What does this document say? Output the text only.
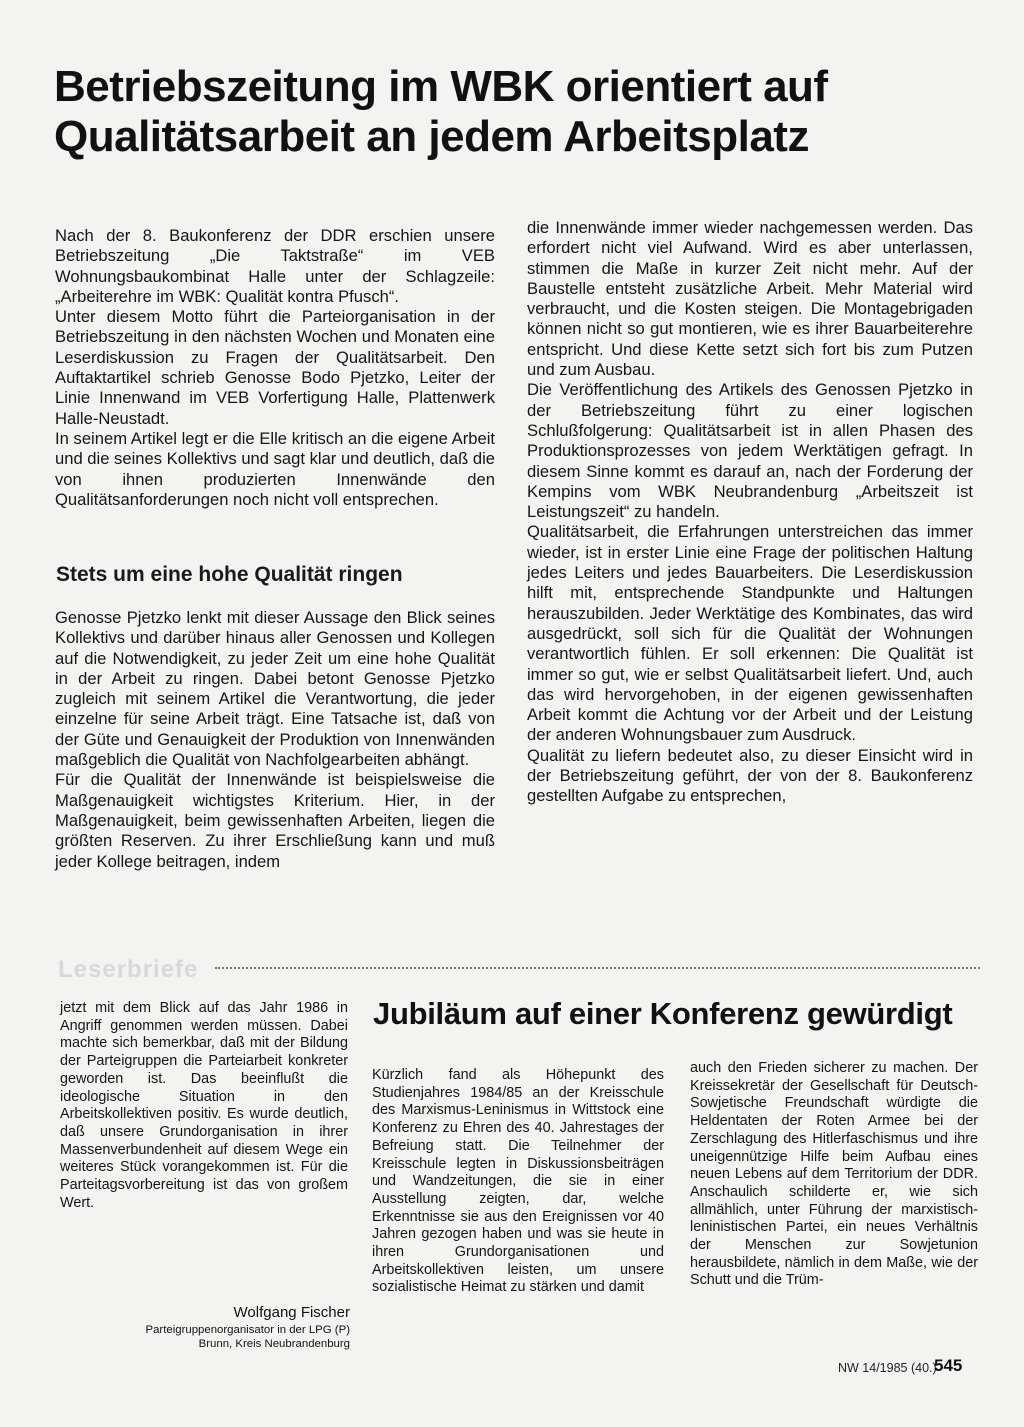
Betriebszeitung im WBK orientiert auf Qualitätsarbeit an jedem Arbeitsplatz

Nach der 8. Baukonferenz der DDR erschien unsere Betriebszeitung „Die Taktstraße“ im VEB Wohnungsbaukombinat Halle unter der Schlagzeile: „Arbeiterehre im WBK: Qualität kontra Pfusch“.

Unter diesem Motto führt die Parteiorganisation in der Betriebszeitung in den nächsten Wochen und Monaten eine Leserdiskussion zu Fragen der Qualitätsarbeit. Den Auftaktartikel schrieb Genosse Bodo Pjetzko, Leiter der Linie Innenwand im VEB Vorfertigung Halle, Plattenwerk Halle-Neustadt.

In seinem Artikel legt er die Elle kritisch an die eigene Arbeit und die seines Kollektivs und sagt klar und deutlich, daß die von ihnen produzierten Innenwände den Qualitätsanforderungen noch nicht voll entsprechen.

Stets um eine hohe Qualität ringen

Genosse Pjetzko lenkt mit dieser Aussage den Blick seines Kollektivs und darüber hinaus aller Genossen und Kollegen auf die Notwendigkeit, zu jeder Zeit um eine hohe Qualität in der Arbeit zu ringen. Dabei betont Genosse Pjetzko zugleich mit seinem Artikel die Verantwortung, die jeder einzelne für seine Arbeit trägt. Eine Tatsache ist, daß von der Güte und Genauigkeit der Produktion von Innenwänden maßgeblich die Qualität von Nachfolgearbeiten abhängt.

Für die Qualität der Innenwände ist beispielsweise die Maßgenauigkeit wichtigstes Kriterium. Hier, in der Maßgenauigkeit, beim gewissenhaften Arbeiten, liegen die größten Reserven. Zu ihrer Erschließung kann und muß jeder Kollege beitragen, indem

die Innenwände immer wieder nachgemessen werden. Das erfordert nicht viel Aufwand. Wird es aber unterlassen, stimmen die Maße in kurzer Zeit nicht mehr. Auf der Baustelle entsteht zusätzliche Arbeit. Mehr Material wird verbraucht, und die Kosten steigen. Die Montagebrigaden können nicht so gut montieren, wie es ihrer Bauarbeiterehre entspricht. Und diese Kette setzt sich fort bis zum Putzen und zum Ausbau.

Die Veröffentlichung des Artikels des Genossen Pjetzko in der Betriebszeitung führt zu einer logischen Schlußfolgerung: Qualitätsarbeit ist in allen Phasen des Produktionsprozesses von jedem Werktätigen gefragt. In diesem Sinne kommt es darauf an, nach der Forderung der Kempins vom WBK Neubrandenburg „Arbeitszeit ist Leistungszeit“ zu handeln.

Qualitätsarbeit, die Erfahrungen unterstreichen das immer wieder, ist in erster Linie eine Frage der politischen Haltung jedes Leiters und jedes Bauarbeiters. Die Leserdiskussion hilft mit, entsprechende Standpunkte und Haltungen herauszubilden. Jeder Werktätige des Kombinates, das wird ausgedrückt, soll sich für die Qualität der Wohnungen verantwortlich fühlen. Er soll erkennen: Die Qualität ist immer so gut, wie er selbst Qualitätsarbeit liefert. Und, auch das wird hervorgehoben, in der eigenen gewissenhaften Arbeit kommt die Achtung vor der Arbeit und der Leistung der anderen Wohnungsbauer zum Ausdruck.

Qualität zu liefern bedeutet also, zu dieser Einsicht wird in der Betriebszeitung geführt, der von der 8. Baukonferenz gestellten Aufgabe zu entsprechen,

Leserbriefe

jetzt mit dem Blick auf das Jahr 1986 in Angriff genommen werden müssen. Dabei machte sich bemerkbar, daß mit der Bildung der Parteigruppen die Parteiarbeit konkreter geworden ist. Das beeinflußt die ideologische Situation in den Arbeitskollektiven positiv. Es wurde deutlich, daß unsere Grundorganisation in ihrer Massenverbundenheit auf diesem Wege ein weiteres Stück vorangekommen ist. Für die Parteitagsvorbereitung ist das von großem Wert.

Wolfgang Fischer
Parteigruppenorganisator in der LPG (P)
Brunn, Kreis Neubrandenburg
Jubiläum auf einer Konferenz gewürdigt

Kürzlich fand als Höhepunkt des Studienjahres 1984/85 an der Kreisschule des Marxismus-Leninismus in Wittstock eine Konferenz zu Ehren des 40. Jahrestages der Befreiung statt. Die Teilnehmer der Kreisschule legten in Diskussionsbeiträgen und Wandzeitungen, die sie in einer Ausstellung zeigten, dar, welche Erkenntnisse sie aus den Ereignissen vor 40 Jahren gezogen haben und was sie heute in ihren Grundorganisationen und Arbeitskollektiven leisten, um unsere sozialistische Heimat zu stärken und damit

auch den Frieden sicherer zu machen. Der Kreissekretär der Gesellschaft für Deutsch-Sowjetische Freundschaft würdigte die Heldentaten der Roten Armee bei der Zerschlagung des Hitlerfaschismus und ihre uneigennützige Hilfe beim Aufbau eines neuen Lebens auf dem Territorium der DDR. Anschaulich schilderte er, wie sich allmählich, unter Führung der marxistisch-leninistischen Partei, ein neues Verhältnis der Menschen zur Sowjetunion herausbildete, nämlich in dem Maße, wie der Schutt und die Trüm-

NW 14/1985 (40.)
545
